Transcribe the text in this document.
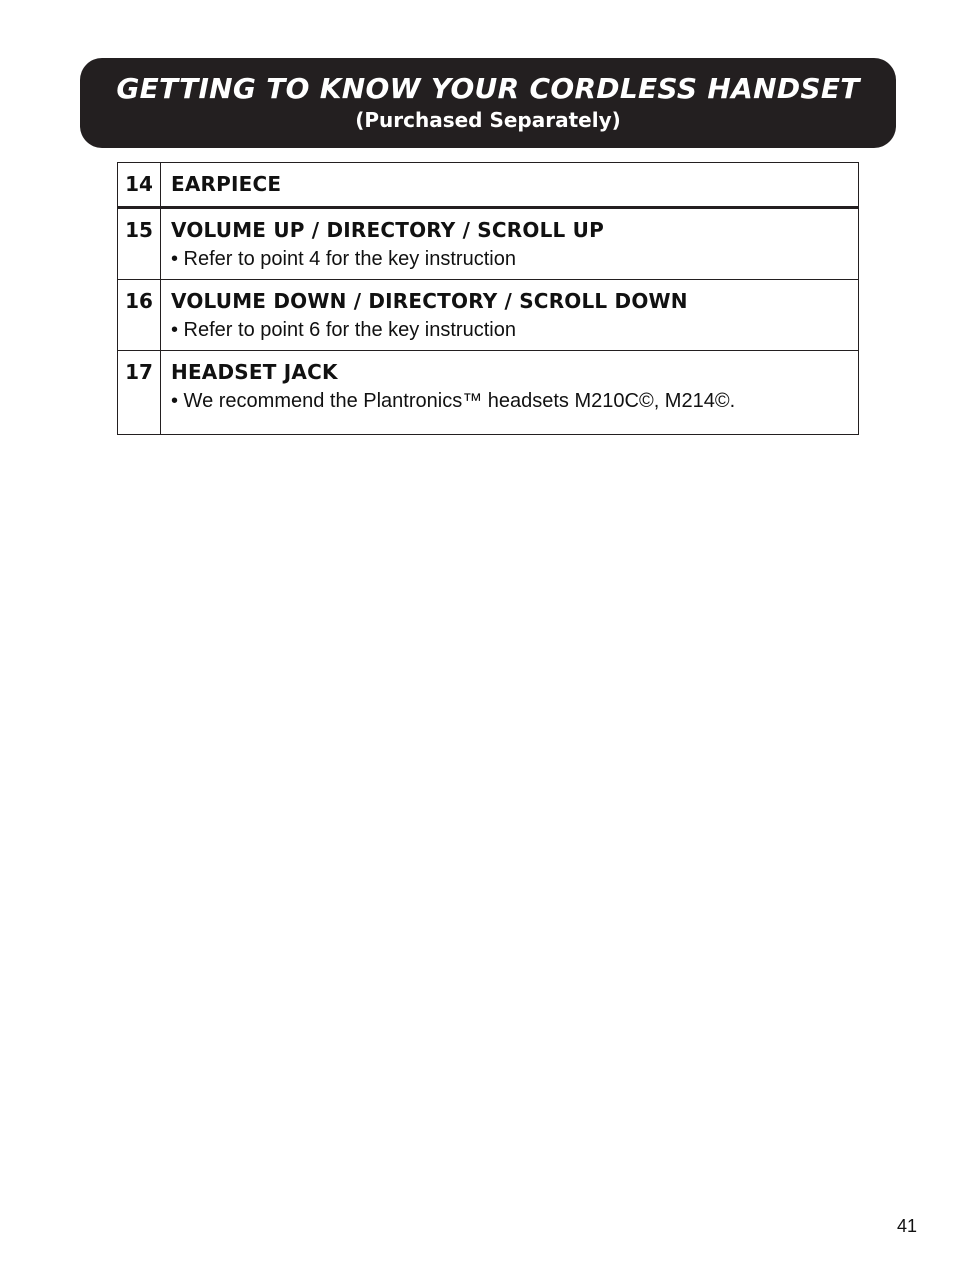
GETTING TO KNOW YOUR CORDLESS HANDSET
(Purchased Separately)
14	EARPIECE

15	VOLUME UP / DIRECTORY / SCROLL UP
• Refer to point 4 for the key instruction

16	VOLUME DOWN / DIRECTORY / SCROLL DOWN
• Refer to point 6 for the key instruction

17	HEADSET JACK
• We recommend the Plantronics™ headsets M210C©, M214©.
41
